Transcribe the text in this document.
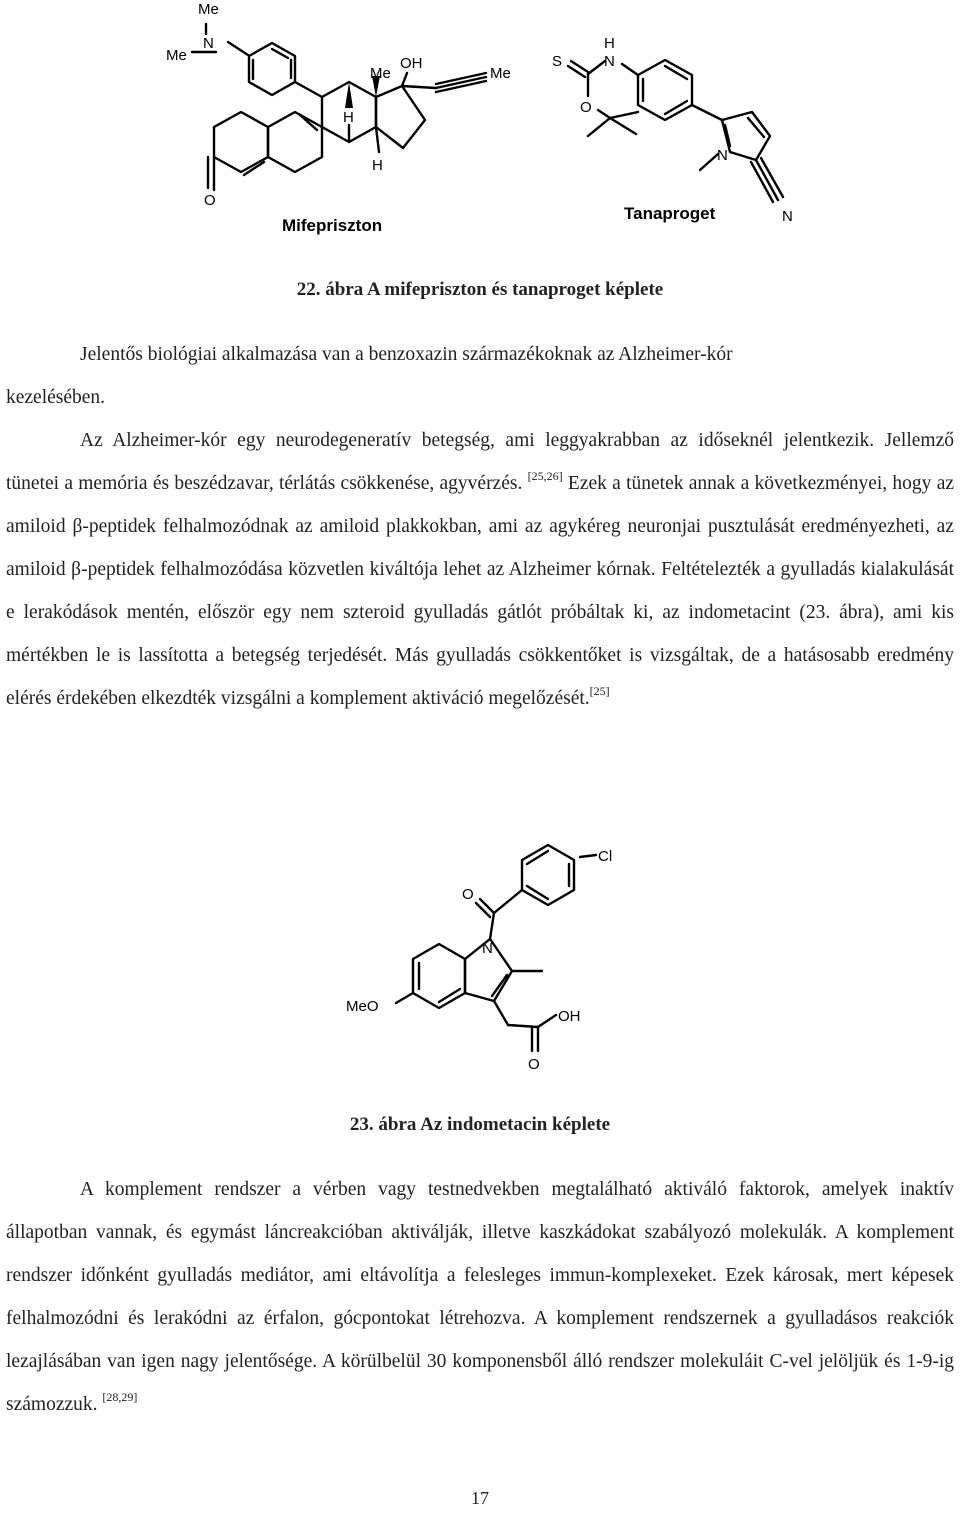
Me
Me
N
Me
OH
Me
H
H
O
Mifepriszton
S
H
N
O
N
Tanaproget	N
22. ábra A mifepriszton és tanaproget képlete

Jelentős biológiai alkalmazása van a benzoxazin származékoknak az Alzheimer-kór
kezelésében.

Az Alzheimer-kór egy neurodegeneratív betegség, ami leggyakrabban az időseknél jelentkezik. Jellemző tünetei a memória és beszédzavar, térlátás csökkenése, agyvérzés. [25,26] Ezek a tünetek annak a következményei, hogy az amiloid β-peptidek felhalmozódnak az amiloid plakkokban, ami az agykéreg neuronjai pusztulását eredményezheti, az amiloid β-peptidek felhalmozódása közvetlen kiváltója lehet az Alzheimer kórnak. Feltételezték a gyulladás kialakulását e lerakódások mentén, először egy nem szteroid gyulladás gátlót próbáltak ki, az indometacint (23. ábra), ami kis mértékben le is lassította a betegség terjedését. Más gyulladás csökkentőket is vizsgáltak, de a hatásosabb eredmény elérés érdekében elkezdték vizsgálni a komplement aktiváció megelőzését.[25]

Cl
O
N
MeO
OH
O
23. ábra Az indometacin képlete

A komplement rendszer a vérben vagy testnedvekben megtalálható aktiváló faktorok, amelyek inaktív állapotban vannak, és egymást láncreakcióban aktiválják, illetve kaszkádokat szabályozó molekulák. A komplement rendszer időnként gyulladás mediátor, ami eltávolítja a felesleges immun-komplexeket. Ezek károsak, mert képesek felhalmozódni és lerakódni az érfalon, gócpontokat létrehozva. A komplement rendszernek a gyulladásos reakciók lezajlásában van igen nagy jelentősége. A körülbelül 30 komponensből álló rendszer molekuláit C-vel jelöljük és 1-9-ig számozzuk. [28,29]

17
